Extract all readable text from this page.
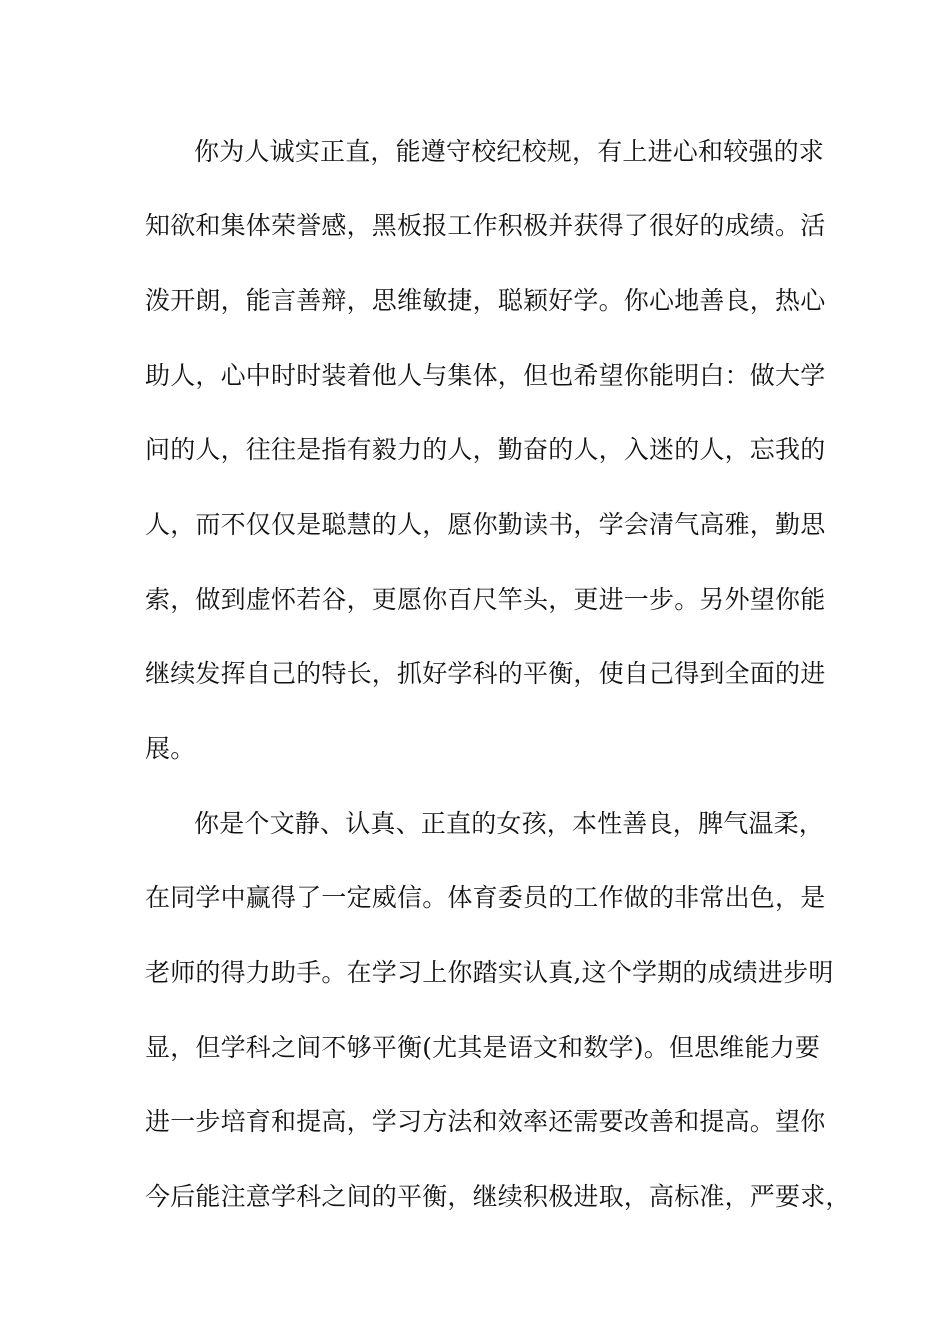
你为人诚实正直，能遵守校纪校规，有上进心和较强的求
知欲和集体荣誉感，黑板报工作积极并获得了很好的成绩。活
泼开朗，能言善辩，思维敏捷，聪颖好学。你心地善良，热心
助人，心中时时装着他人与集体，但也希望你能明白：做大学
问的人，往往是指有毅力的人，勤奋的人，入迷的人，忘我的
人，而不仅仅是聪慧的人，愿你勤读书，学会清气高雅，勤思
索，做到虚怀若谷，更愿你百尺竿头，更进一步。另外望你能
继续发挥自己的特长，抓好学科的平衡，使自己得到全面的进
展。
你是个文静、认真、正直的女孩，本性善良，脾气温柔，
在同学中赢得了一定威信。体育委员的工作做的非常出色，是
老师的得力助手。在学习上你踏实认真,这个学期的成绩进步明
显，但学科之间不够平衡(尤其是语文和数学)。但思维能力要
进一步培育和提高，学习方法和效率还需要改善和提高。望你
今后能注意学科之间的平衡，继续积极进取，高标准，严要求，
